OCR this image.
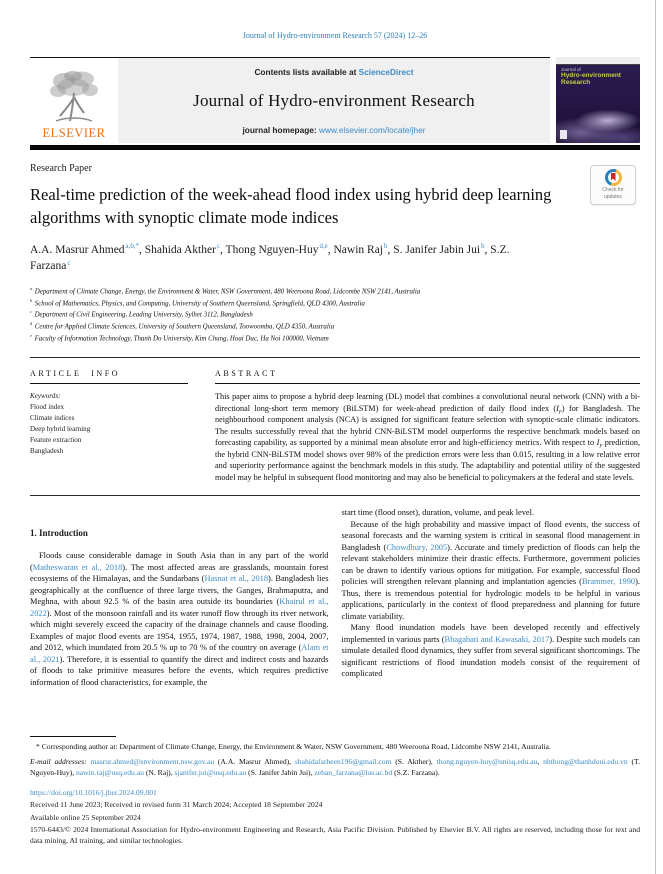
Journal of Hydro-environment Research 57 (2024) 12–26
ELSEVIER
Contents lists available at ScienceDirect
Journal of Hydro-environment Research
journal homepage: www.elsevier.com/locate/jher
Journal of
Hydro-environment
Research
Research Paper
Real-time prediction of the week-ahead flood index using hybrid deep learning algorithms with synoptic climate mode indices
A.A. Masrur Ahmed$^{a,b,*}$, Shahida Akther$^c$, Thong Nguyen-Huy$^{d,e}$, Nawin Raj$^b$, S. Janifer Jabin Jui$^b$, S.Z. Farzana$^c$
$^a$ Department of Climate Change, Energy, the Environment & Water, NSW Government, 480 Weeroona Road, Lidcombe NSW 2141, Australia
$^b$ School of Mathematics, Physics, and Computing, University of Southern Queensland, Springfield, QLD 4300, Australia
$^c$ Department of Civil Engineering, Leading University, Sylhet 3112, Bangladesh
$^d$ Centre for Applied Climate Sciences, University of Southern Queensland, Toowoomba, QLD 4350, Australia
$^e$ Faculty of Information Technology, Thanh Do University, Kim Chung, Hoai Duc, Ha Noi 100000, Vietnam
ARTICLE INFO
Keywords:
Flood index
Climate indices
Deep hybrid learning
Feature extraction
Bangladesh
ABSTRACT
This paper aims to propose a hybrid deep learning (DL) model that combines a convolutional neural network (CNN) with a bi-directional long-short term memory (BiLSTM) for week-ahead prediction of daily flood index $(I_F)$ for Bangladesh. The neighbourhood component analysis (NCA) is assigned for significant feature selection with synoptic-scale climatic indicators. The results successfully reveal that the hybrid CNN-BiLSTM model outperforms the respective benchmark models based on forecasting capability, as supported by a minimal mean absolute error and high-efficiency metrics. With respect to $I_F$ prediction, the hybrid CNN-BiLSTM model shows over 98% of the prediction errors were less than 0.015, resulting in a low relative error and superiority performance against the benchmark models in this study. The adaptability and potential utility of the suggested model may be helpful in subsequent flood monitoring and may also be beneficial to policymakers at the federal and state levels.
1. Introduction

Floods cause considerable damage in South Asia than in any part of the world (Matheswaran et al., 2018). The most affected areas are grasslands, mountain forest ecosystems of the Himalayas, and the Sundarbans (Hasnat et al., 2018). Bangladesh lies geographically at the confluence of three large rivers, the Ganges, Brahmaputra, and Meghna, with about 92.5 % of the basin area outside its boundaries (Khairul et al., 2022). Most of the monsoon rainfall and its water runoff flow through its river network, which might severely exceed the capacity of the drainage channels and cause flooding. Examples of major flood events are 1954, 1955, 1974, 1987, 1988, 1998, 2004, 2007, and 2012, which inundated from 20.5 % up to 70 % of the country on average (Alam et al., 2021). Therefore, it is essential to quantify the direct and indirect costs and hazards of floods to take primitive measures before the events, which requires predictive information of flood characteristics, for example, the

start time (flood onset), duration, volume, and peak level.

Because of the high probability and massive impact of flood events, the success of seasonal forecasts and the warning system is critical in seasonal flood management in Bangladesh (Chowdhury, 2005). Accurate and timely prediction of floods can help the relevant stakeholders minimize their drastic effects. Furthermore, government policies can be drawn to identify various options for mitigation. For example, successful flood policies will strengthen relevant planning and implantation agencies (Brammer, 1990). Thus, there is tremendous potential for hydrologic models to be helpful in various applications, particularly in the context of flood preparedness and planning for future climate variability.

Many flood inundation models have been developed recently and effectively implemented in various parts (Bhagabati and Kawasaki, 2017). Despite such models can simulate detailed flood dynamics, they suffer from several significant shortcomings. The significant restrictions of flood inundation models consist of the requirement of complicated

* Corresponding author at: Department of Climate Change, Energy, the Environment & Water, NSW Government, 480 Weeroona Road, Lidcombe NSW 2141, Australia.
E-mail addresses: masrur.ahmed@environment.nsw.gov.au (A.A. Masrur Ahmed), shahidafarheen196@gmail.com (S. Akther), thong.nguyen-huy@unisq.edu.au, nhthong@thanhdoui.edu.vn (T. Nguyen-Huy), nawin.raj@usq.edu.au (N. Raj), sjanifer.jui@usq.edu.au (S. Janifer Jabin Jui), zehan_farzana@lus.ac.bd (S.Z. Farzana).
https://doi.org/10.1016/j.jher.2024.09.001
Received 11 June 2023; Received in revised form 31 March 2024; Accepted 18 September 2024
Available online 25 September 2024
1570-6443/© 2024 International Association for Hydro-environment Engineering and Research, Asia Pacific Division. Published by Elsevier B.V. All rights are reserved, including those for text and data mining, AI training, and similar technologies.
Check for
updates
